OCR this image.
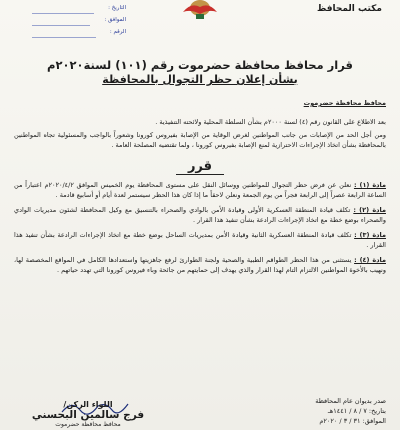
مكتب المحافظ
التاريخ :
الموافق :
الرقم :
قرار محافظ محافظة حضرموت رقم (١٠١) لسنة٢٠٢٠م
بشأن إعلان حظر التجوال بالمحافظة
محافظ محافظة حضرموت

بعد الاطلاع على القانون رقم (٤) لسنة ٢٠٠٠م بشأن السلطة المحلية ولائحته التنفيذية .

ومن أجل الحد من الإصابات من جانب المواطنين لغرض الوقاية من الإصابة بفيروس كورونا وشعوراً بالواجب والمسئولية تجاه المواطنين بالمحافظة بشأن اتخاذ الإجراءات الاحترازية لمنع الإصابة بفيروس كورونا ، ولما تقتضيه المصلحة العامة .

قرر

مادة (١) : نعلن عن فرض حظر التجوال للمواطنين ووسائل النقل على مستوى المحافظة يوم الخميس الموافق ٢٠٢٠/٤/٢م اعتباراً من الساعة الرابعة عصراً إلى الرابعة فجراً من يوم الجمعة ونعلن لاحقاً ما إذا كان هذا الحظر سيستمر لعدة أيام أو أسابيع قادمة .

مادة (٢) : تكلف قيادة المنطقة العسكرية الأولى وقيادة الأمن بالوادي والصحراء بالتنسيق مع وكيل المحافظة لشئون مديريات الوادي والصحراء بوضع خطة مع اتخاذ الإجراءات الرادعة بشأن تنفيذ هذا القرار .

مادة (٣) : تكلف قيادة المنطقة العسكرية الثانية وقيادة الأمن بمديريات الساحل بوضع خطة مع اتخاذ الإجراءات الرادعة بشأن تنفيذ هذا القرار .

مادة (٤) : يستثنى من هذا الحظر الطواقم الطبية والصحية ولجنة الطوارئ لرفع جاهزيتها واستعدادها الكامل في المواقع المخصصة لها، ونهيب بالأخوة المواطنين الالتزام التام لهذا القرار والذي يهدف إلى حمايتهم من جائحة وباء فيروس كورونا التي تهدد حياتهم .

صدر بديوان عام المحافظة
بتاريخ: ٧ / ٨ / ١٤٤١هـ
الموافق: ٣١ / ٣ / ٢٠٢٠م
اللواء الركن/
فرج سالمين البحسني
محافظ محافظة حضرموت
